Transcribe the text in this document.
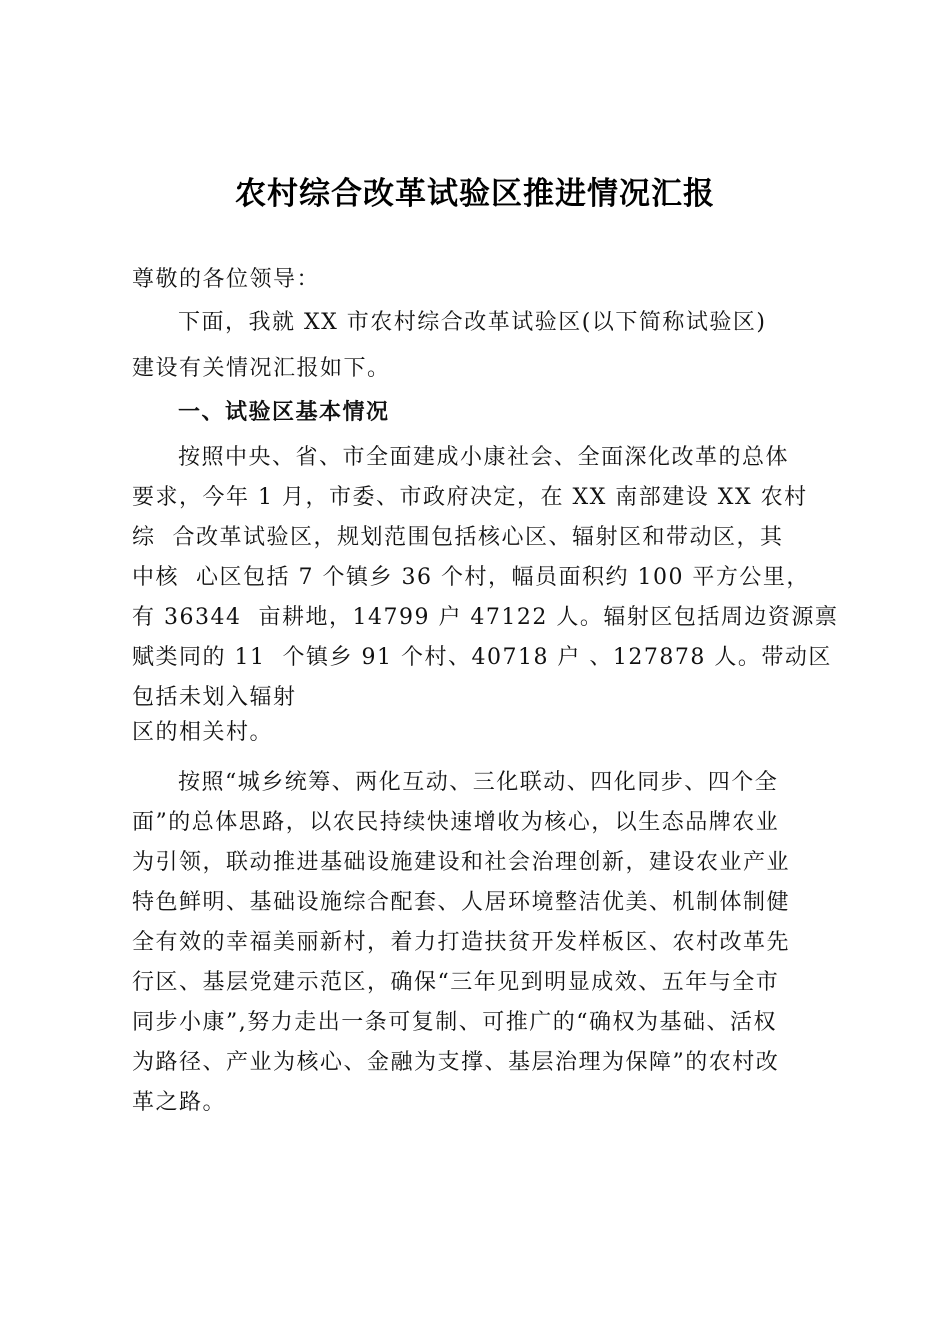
农村综合改革试验区推进情况汇报
尊敬的各位领导：
下面，我就 XX 市农村综合改革试验区(以下简称试验区)
建设有关情况汇报如下。
一、试验区基本情况
按照中央、省、市全面建成小康社会、全面深化改革的总体
要求，今年 1 月，市委、市政府决定，在 XX 南部建设 XX 农村
综  合改革试验区，规划范围包括核心区、辐射区和带动区，其
中核  心区包括 7 个镇乡 36 个村，幅员面积约 100 平方公里，
有 36344  亩耕地，14799 户 47122 人。辐射区包括周边资源禀
赋类同的 11  个镇乡 91 个村、40718 户 、127878 人。带动区
包括未划入辐射
区的相关村。
按照“城乡统筹、两化互动、三化联动、四化同步、四个全
面”的总体思路，以农民持续快速增收为核心，以生态品牌农业
为引领，联动推进基础设施建设和社会治理创新，建设农业产业
特色鲜明、基础设施综合配套、人居环境整洁优美、机制体制健
全有效的幸福美丽新村，着力打造扶贫开发样板区、农村改革先
行区、基层党建示范区，确保“三年见到明显成效、五年与全市
同步小康”,努力走出一条可复制、可推广的“确权为基础、活权
为路径、产业为核心、金融为支撑、基层治理为保障”的农村改
革之路。
